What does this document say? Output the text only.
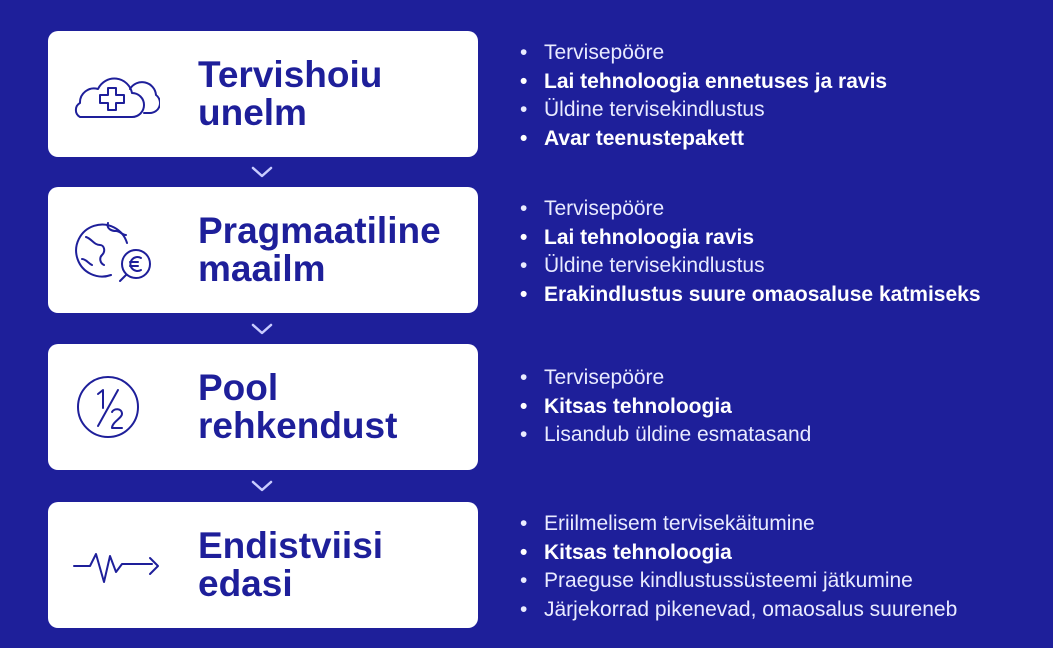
Tervishoiu
unelm
• Tervisepööre
• Lai tehnoloogia ennetuses ja ravis
• Üldine tervisekindlustus
• Avar teenustepakett
Pragmaatiline
maailm
• Tervisepööre
• Lai tehnoloogia ravis
• Üldine tervisekindlustus
• Erakindlustus suure omaosaluse katmiseks
Pool
rehkendust
• Tervisepööre
• Kitsas tehnoloogia
• Lisandub üldine esmatasand
Endistviisi
edasi
• Eriilmelisem tervisekäitumine
• Kitsas tehnoloogia
• Praeguse kindlustussüsteemi jätkumine
• Järjekorrad pikenevad, omaosalus suureneb
